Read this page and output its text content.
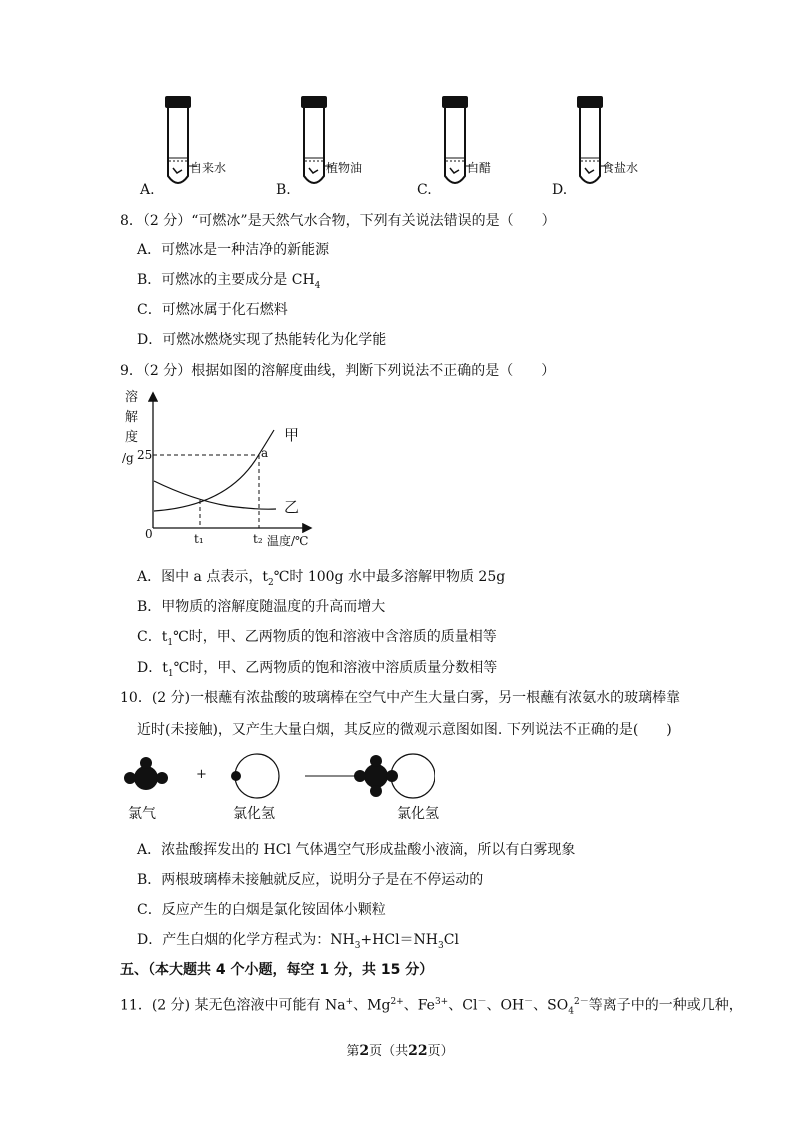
A.
自来水
B.
植物油
C.
白醋
D.
食盐水
8．（2 分）“可燃冰”是天然气水合物，下列有关说法错误的是（　　）
A．可燃冰是一种洁净的新能源
B．可燃冰的主要成分是 $CH_4$
C．可燃冰属于化石燃料
D．可燃冰燃烧实现了热能转化为化学能
9．（2 分）根据如图的溶解度曲线，判断下列说法不正确的是（　　）
溶
解
度
/g 25
0	t₁	t₂ 温度/℃
甲
乙
a
A．图中 a 点表示，$t_2℃$时 100g 水中最多溶解甲物质 25g
B．甲物质的溶解度随温度的升高而增大
C．$t_1℃$时，甲、乙两物质的饱和溶液中含溶质的质量相等
D．$t_1℃$时，甲、乙两物质的饱和溶液中溶质质量分数相等
10．(2 分)一根蘸有浓盐酸的玻璃棒在空气中产生大量白雾，另一根蘸有浓氨水的玻璃棒靠
近时(未接触)，又产生大量白烟，其反应的微观示意图如图. 下列说法不正确的是(　　)
+
氯气	氯化氢	氯化氢
A．浓盐酸挥发出的 HCl 气体遇空气形成盐酸小液滴，所以有白雾现象
B．两根玻璃棒未接触就反应，说明分子是在不停运动的
C．反应产生的白烟是氯化铵固体小颗粒
D．产生白烟的化学方程式为：$NH_3+HCl=NH_3Cl$
五、（本大题共 4 个小题，每空 1 分，共 15 分）
11．(2 分) 某无色溶液中可能有 Na+、$Mg^{2+}$、$Fe^{3+}$、Cl－、OH－、$SO_4^{2-}$等离子中的一种或几种，
第2页（共22页）
